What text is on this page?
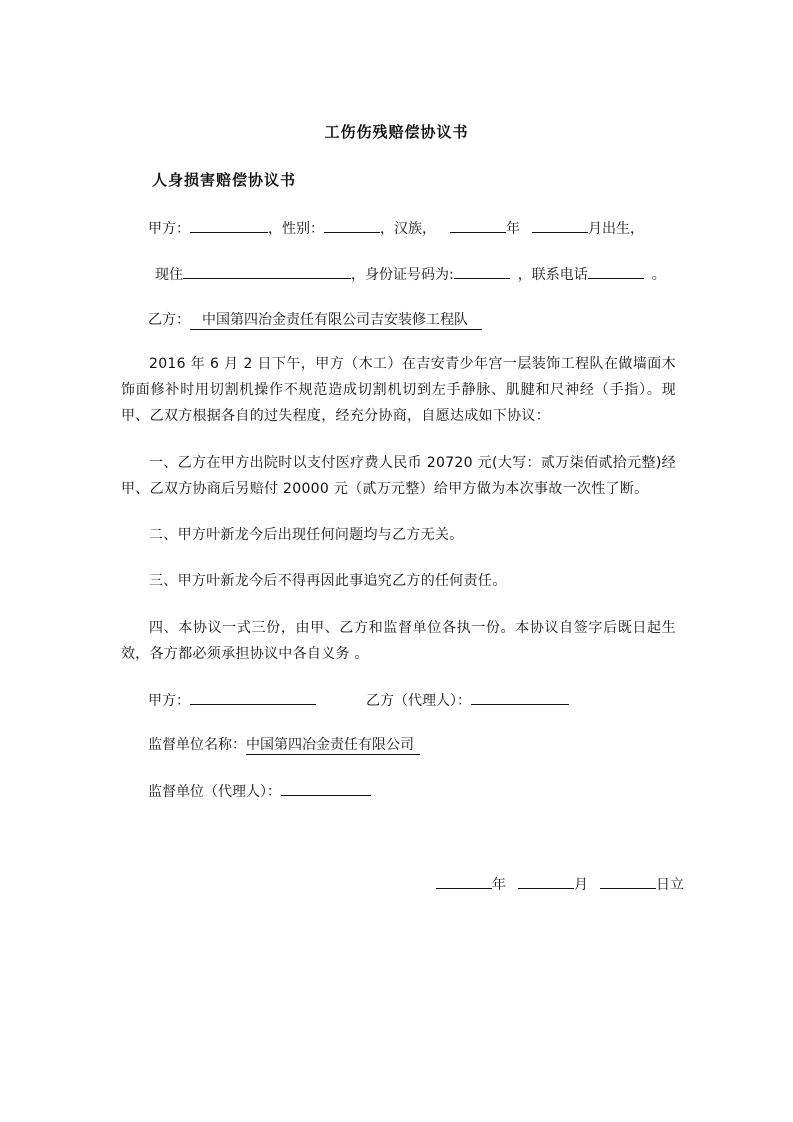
工伤伤残赔偿协议书
人身损害赔偿协议书
甲方：	，性别：	，汉族，	年	月出生，
现住	，身份证号码为:	，联系电话	。
乙方： 中国第四冶金责任有限公司吉安装修工程队
2016 年 6 月 2 日下午，甲方（木工）在吉安青少年宫一层装饰工程队在做墙面木饰面修补时用切割机操作不规范造成切割机切到左手静脉、肌腱和尺神经（手指）。现甲、乙双方根据各自的过失程度，经充分协商，自愿达成如下协议：
一、乙方在甲方出院时以支付医疗费人民币 20720 元(大写：贰万柒佰贰拾元整)经甲、乙双方协商后另赔付 20000 元（贰万元整）给甲方做为本次事故一次性了断。
二、甲方叶新龙今后出现任何问题均与乙方无关。
三、甲方叶新龙今后不得再因此事追究乙方的任何责任。
四、本协议一式三份，由甲、乙方和监督单位各执一份。本协议自签字后既日起生效，各方都必须承担协议中各自义务 。
甲方：	乙方（代理人）：
监督单位名称：中国第四冶金责任有限公司
监督单位（代理人）：
年	月	日立
